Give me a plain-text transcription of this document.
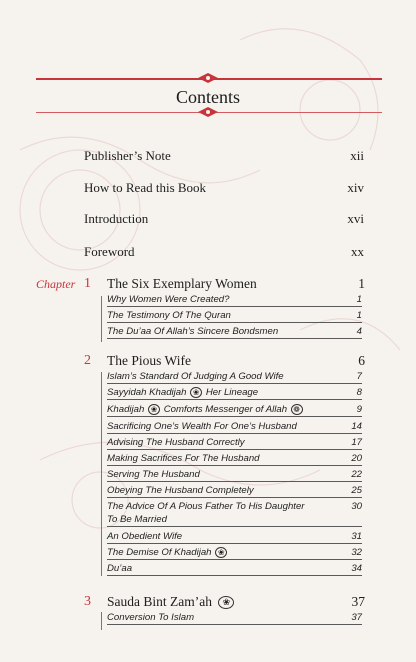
Contents
Publisher’s Note	xii
How to Read this Book	xiv
Introduction	xvi
Foreword	xx
Chapter 1 The Six Exemplary Women	1
Why Women Were Created?	1
The Testimony Of The Quran	1
The Du’aa Of Allah’s Sincere Bondsmen	4
2 The Pious Wife	6
Islam’s Standard Of Judging A Good Wife	7
Sayyidah Khadijah ❀ Her Lineage	8
Khadijah ❀ Comforts Messenger of Allah ❁	9
Sacrificing One’s Wealth For One’s Husband	14
Advising The Husband Correctly	17
Making Sacrifices For The Husband	20
Serving The Husband	22
Obeying The Husband Completely	25
The Advice Of A Pious Father To His Daughter	30
To Be Married
An Obedient Wife	31
The Demise Of Khadijah ❀	32
Du’aa	34
3 Sauda Bint Zam’ah ❀	37
Conversion To Islam	37
